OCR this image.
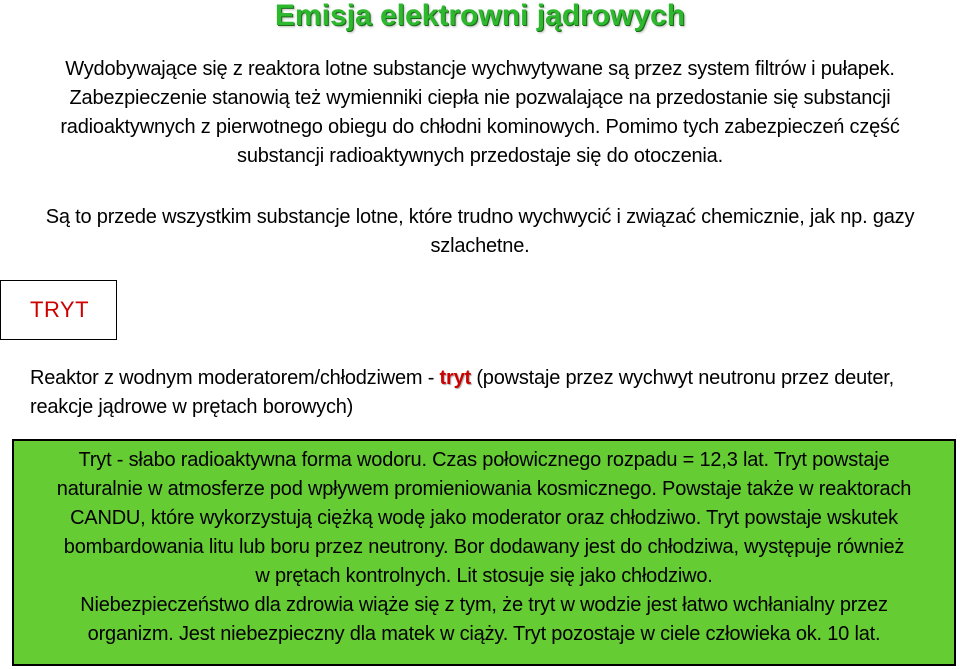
Emisja elektrowni jądrowych
Wydobywające się z reaktora lotne substancje wychwytywane są przez system filtrów i pułapek.
Zabezpieczenie stanowią też wymienniki ciepła nie pozwalające na przedostanie się substancji
radioaktywnych z pierwotnego obiegu do chłodni kominowych. Pomimo tych zabezpieczeń część
substancji radioaktywnych przedostaje się do otoczenia.
Są to przede wszystkim substancje lotne, które trudno wychwycić i związać chemicznie, jak np. gazy
szlachetne.
TRYT
Reaktor z wodnym moderatorem/chłodziwem - tryt (powstaje przez wychwyt neutronu przez deuter,
reakcje jądrowe w prętach borowych)
Tryt - słabo radioaktywna forma wodoru. Czas połowicznego rozpadu = 12,3 lat. Tryt powstaje
naturalnie w atmosferze pod wpływem promieniowania kosmicznego. Powstaje także w reaktorach
CANDU, które wykorzystują ciężką wodę jako moderator oraz chłodziwo. Tryt powstaje wskutek
bombardowania litu lub boru przez neutrony. Bor dodawany jest do chłodziwa, występuje również
w prętach kontrolnych. Lit stosuje się jako chłodziwo.
Niebezpieczeństwo dla zdrowia wiąże się z tym, że tryt w wodzie jest łatwo wchłanialny przez
organizm. Jest niebezpieczny dla matek w ciąży. Tryt pozostaje w ciele człowieka ok. 10 lat.
